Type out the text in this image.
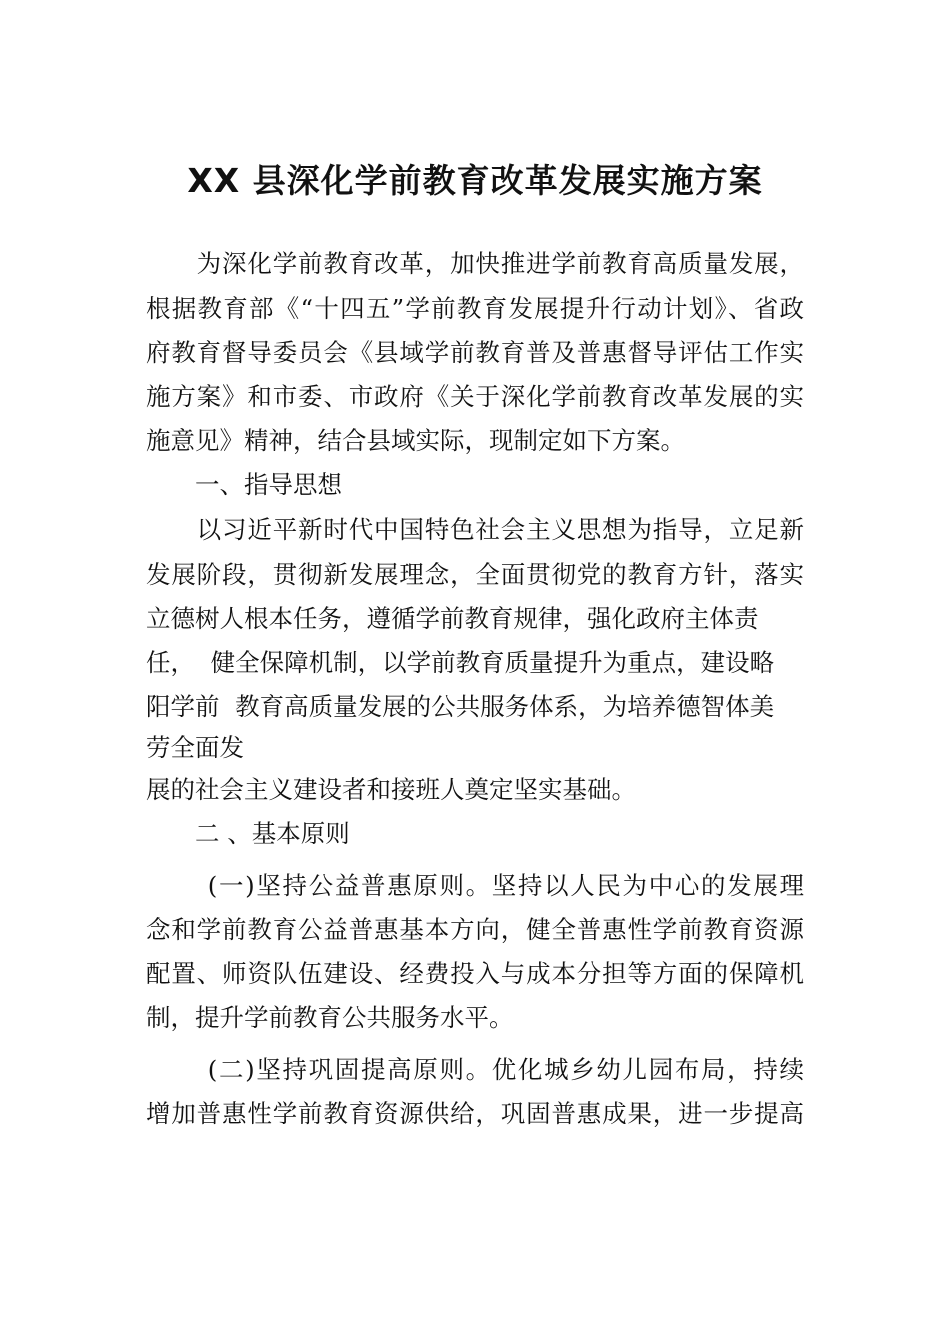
XX 县深化学前教育改革发展实施方案
　　为深化学前教育改革，加快推进学前教育高质量发展，
根据教育部《“十四五”学前教育发展提升行动计划》、省政
府教育督导委员会《县域学前教育普及普惠督导评估工作实
施方案》和市委、市政府《关于深化学前教育改革发展的实
施意见》精神，结合县域实际，现制定如下方案。
　　一、指导思想
　　以习近平新时代中国特色社会主义思想为指导，立足新
发展阶段，贯彻新发展理念，全面贯彻党的教育方针，落实
立德树人根本任务，遵循学前教育规律，强化政府主体责
任，  健全保障机制，以学前教育质量提升为重点，建设略
阳学前  教育高质量发展的公共服务体系，为培养德智体美
劳全面发
展的社会主义建设者和接班人奠定坚实基础。
　　二 、基本原则
　　 (一)坚持公益普惠原则。坚持以人民为中心的发展理
念和学前教育公益普惠基本方向，健全普惠性学前教育资源
配置、师资队伍建设、经费投入与成本分担等方面的保障机
制，提升学前教育公共服务水平。
　　 (二)坚持巩固提高原则。优化城乡幼儿园布局，持续
增加普惠性学前教育资源供给，巩固普惠成果，进一步提高
